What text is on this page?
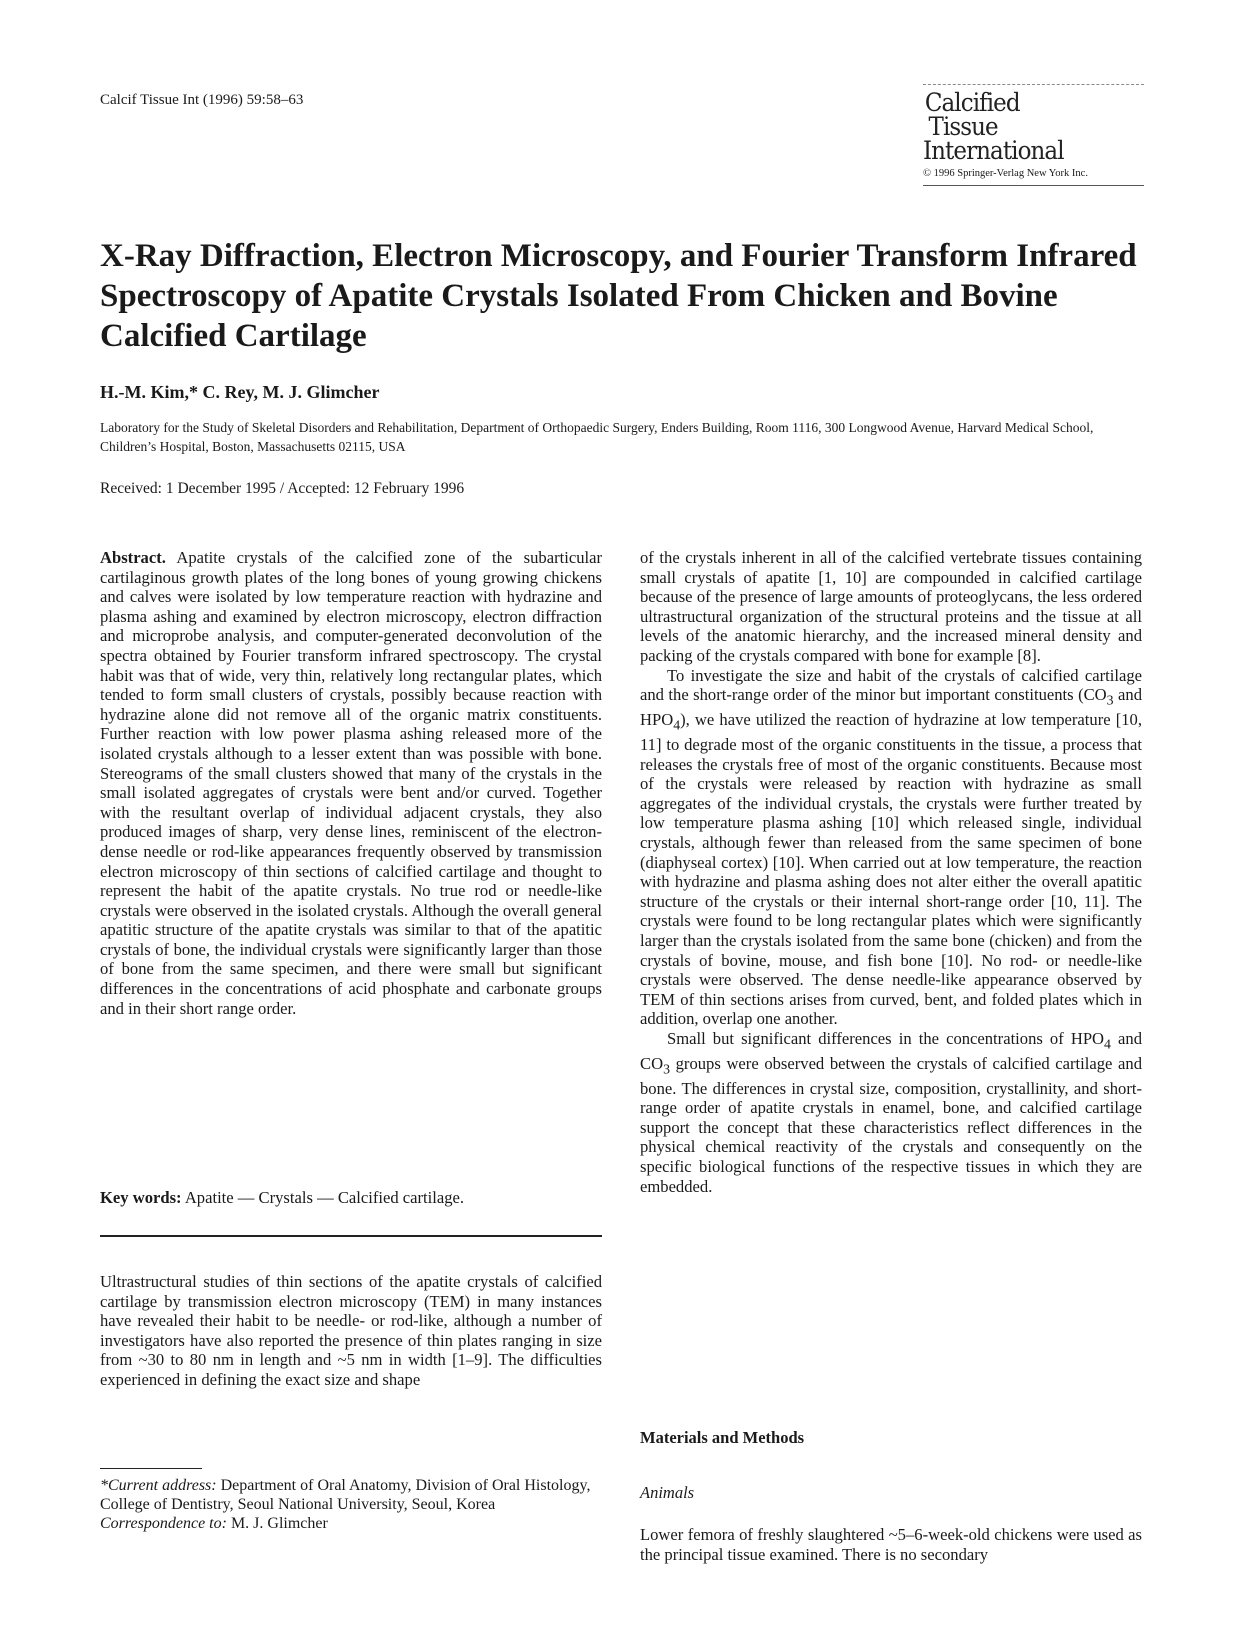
Calcif Tissue Int (1996) 59:58–63	Calcified
Tissue
International
© 1996 Springer-Verlag New York Inc.
X-Ray Diffraction, Electron Microscopy, and Fourier Transform Infrared Spectroscopy of Apatite Crystals Isolated From Chicken and Bovine Calcified Cartilage
H.-M. Kim,* C. Rey, M. J. Glimcher
Laboratory for the Study of Skeletal Disorders and Rehabilitation, Department of Orthopaedic Surgery, Enders Building, Room 1116, 300 Longwood Avenue, Harvard Medical School, Children’s Hospital, Boston, Massachusetts 02115, USA
Received: 1 December 1995 / Accepted: 12 February 1996

Abstract. Apatite crystals of the calcified zone of the subarticular cartilaginous growth plates of the long bones of young growing chickens and calves were isolated by low temperature reaction with hydrazine and plasma ashing and examined by electron microscopy, electron diffraction and microprobe analysis, and computer-generated deconvolution of the spectra obtained by Fourier transform infrared spectroscopy. The crystal habit was that of wide, very thin, relatively long rectangular plates, which tended to form small clusters of crystals, possibly because reaction with hydrazine alone did not remove all of the organic matrix constituents. Further reaction with low power plasma ashing released more of the isolated crystals although to a lesser extent than was possible with bone. Stereograms of the small clusters showed that many of the crystals in the small isolated aggregates of crystals were bent and/or curved. Together with the resultant overlap of individual adjacent crystals, they also produced images of sharp, very dense lines, reminiscent of the electron-dense needle or rod-like appearances frequently observed by transmission electron microscopy of thin sections of calcified cartilage and thought to represent the habit of the apatite crystals. No true rod or needle-like crystals were observed in the isolated crystals. Although the overall general apatitic structure of the apatite crystals was similar to that of the apatitic crystals of bone, the individual crystals were significantly larger than those of bone from the same specimen, and there were small but significant differences in the concentrations of acid phosphate and carbonate groups and in their short range order.

Key words: Apatite — Crystals — Calcified cartilage.

Ultrastructural studies of thin sections of the apatite crystals of calcified cartilage by transmission electron microscopy (TEM) in many instances have revealed their habit to be needle- or rod-like, although a number of investigators have also reported the presence of thin plates ranging in size from ~30 to 80 nm in length and ~5 nm in width [1–9]. The difficulties experienced in defining the exact size and shape

of the crystals inherent in all of the calcified vertebrate tissues containing small crystals of apatite [1, 10] are compounded in calcified cartilage because of the presence of large amounts of proteoglycans, the less ordered ultrastructural organization of the structural proteins and the tissue at all levels of the anatomic hierarchy, and the increased mineral density and packing of the crystals compared with bone for example [8].

To investigate the size and habit of the crystals of calcified cartilage and the short-range order of the minor but important constituents ($CO_3$ and $HPO_4$), we have utilized the reaction of hydrazine at low temperature [10, 11] to degrade most of the organic constituents in the tissue, a process that releases the crystals free of most of the organic constituents. Because most of the crystals were released by reaction with hydrazine as small aggregates of the individual crystals, the crystals were further treated by low temperature plasma ashing [10] which released single, individual crystals, although fewer than released from the same specimen of bone (diaphyseal cortex) [10]. When carried out at low temperature, the reaction with hydrazine and plasma ashing does not alter either the overall apatitic structure of the crystals or their internal short-range order [10, 11]. The crystals were found to be long rectangular plates which were significantly larger than the crystals isolated from the same bone (chicken) and from the crystals of bovine, mouse, and fish bone [10]. No rod- or needle-like crystals were observed. The dense needle-like appearance observed by TEM of thin sections arises from curved, bent, and folded plates which in addition, overlap one another.

Small but significant differences in the concentrations of $HPO_4$ and $CO_3$ groups were observed between the crystals of calcified cartilage and bone. The differences in crystal size, composition, crystallinity, and short-range order of apatite crystals in enamel, bone, and calcified cartilage support the concept that these characteristics reflect differences in the physical chemical reactivity of the crystals and consequently on the specific biological functions of the respective tissues in which they are embedded.

Materials and Methods
Animals

Lower femora of freshly slaughtered ~5–6-week-old chickens were used as the principal tissue examined. There is no secondary

*Current address: Department of Oral Anatomy, Division of Oral Histology, College of Dentistry, Seoul National University, Seoul, Korea

Correspondence to: M. J. Glimcher
